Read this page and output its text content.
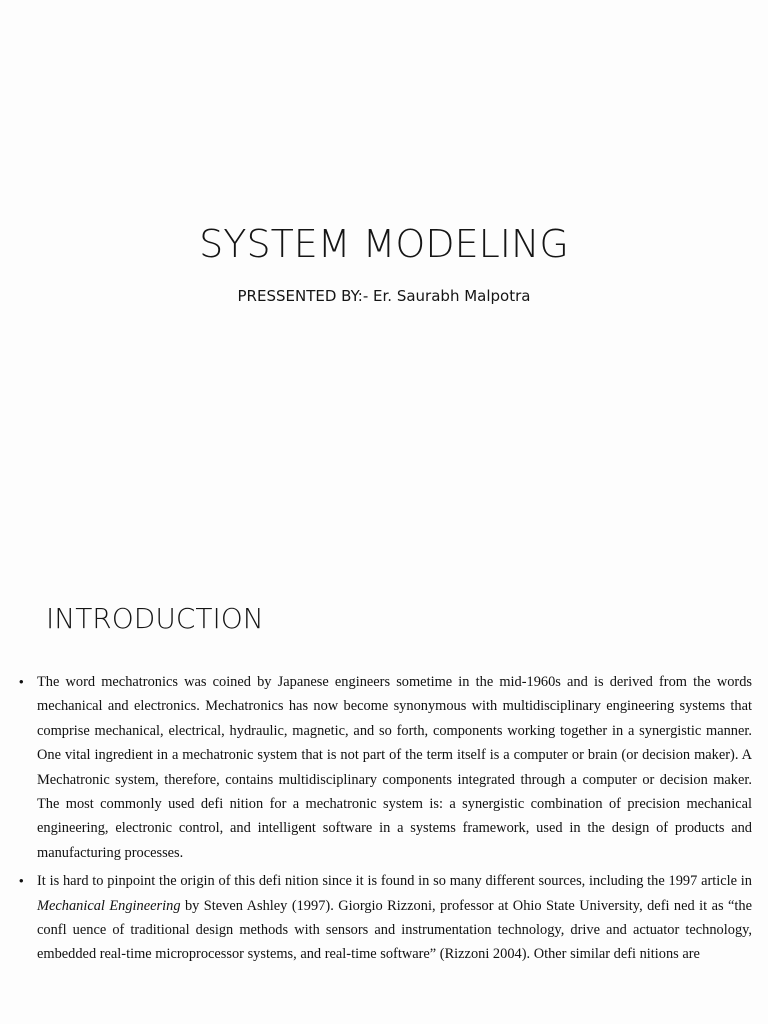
SYSTEM MODELING

PRESSENTED BY:- Er. Saurabh Malpotra

INTRODUCTION
• The word mechatronics was coined by Japanese engineers sometime in the mid-1960s and is derived from the words mechanical and electronics. Mechatronics has now become synonymous with multidisciplinary engineering systems that comprise mechanical, electrical, hydraulic, magnetic, and so forth, components working together in a synergistic manner. One vital ingredient in a mechatronic system that is not part of the term itself is a computer or brain (or decision maker). A Mechatronic system, therefore, contains multidisciplinary components integrated through a computer or decision maker. The most commonly used defi nition for a mechatronic system is: a synergistic combination of precision mechanical engineering, electronic control, and intelligent software in a systems framework, used in the design of products and manufacturing processes.
• It is hard to pinpoint the origin of this defi nition since it is found in so many different sources, including the 1997 article in Mechanical Engineering by Steven Ashley (1997). Giorgio Rizzoni, professor at Ohio State University, defi ned it as “the confl uence of traditional design methods with sensors and instrumentation technology, drive and actuator technology, embedded real-time microprocessor systems, and real-time software” (Rizzoni 2004). Other similar defi nitions are
